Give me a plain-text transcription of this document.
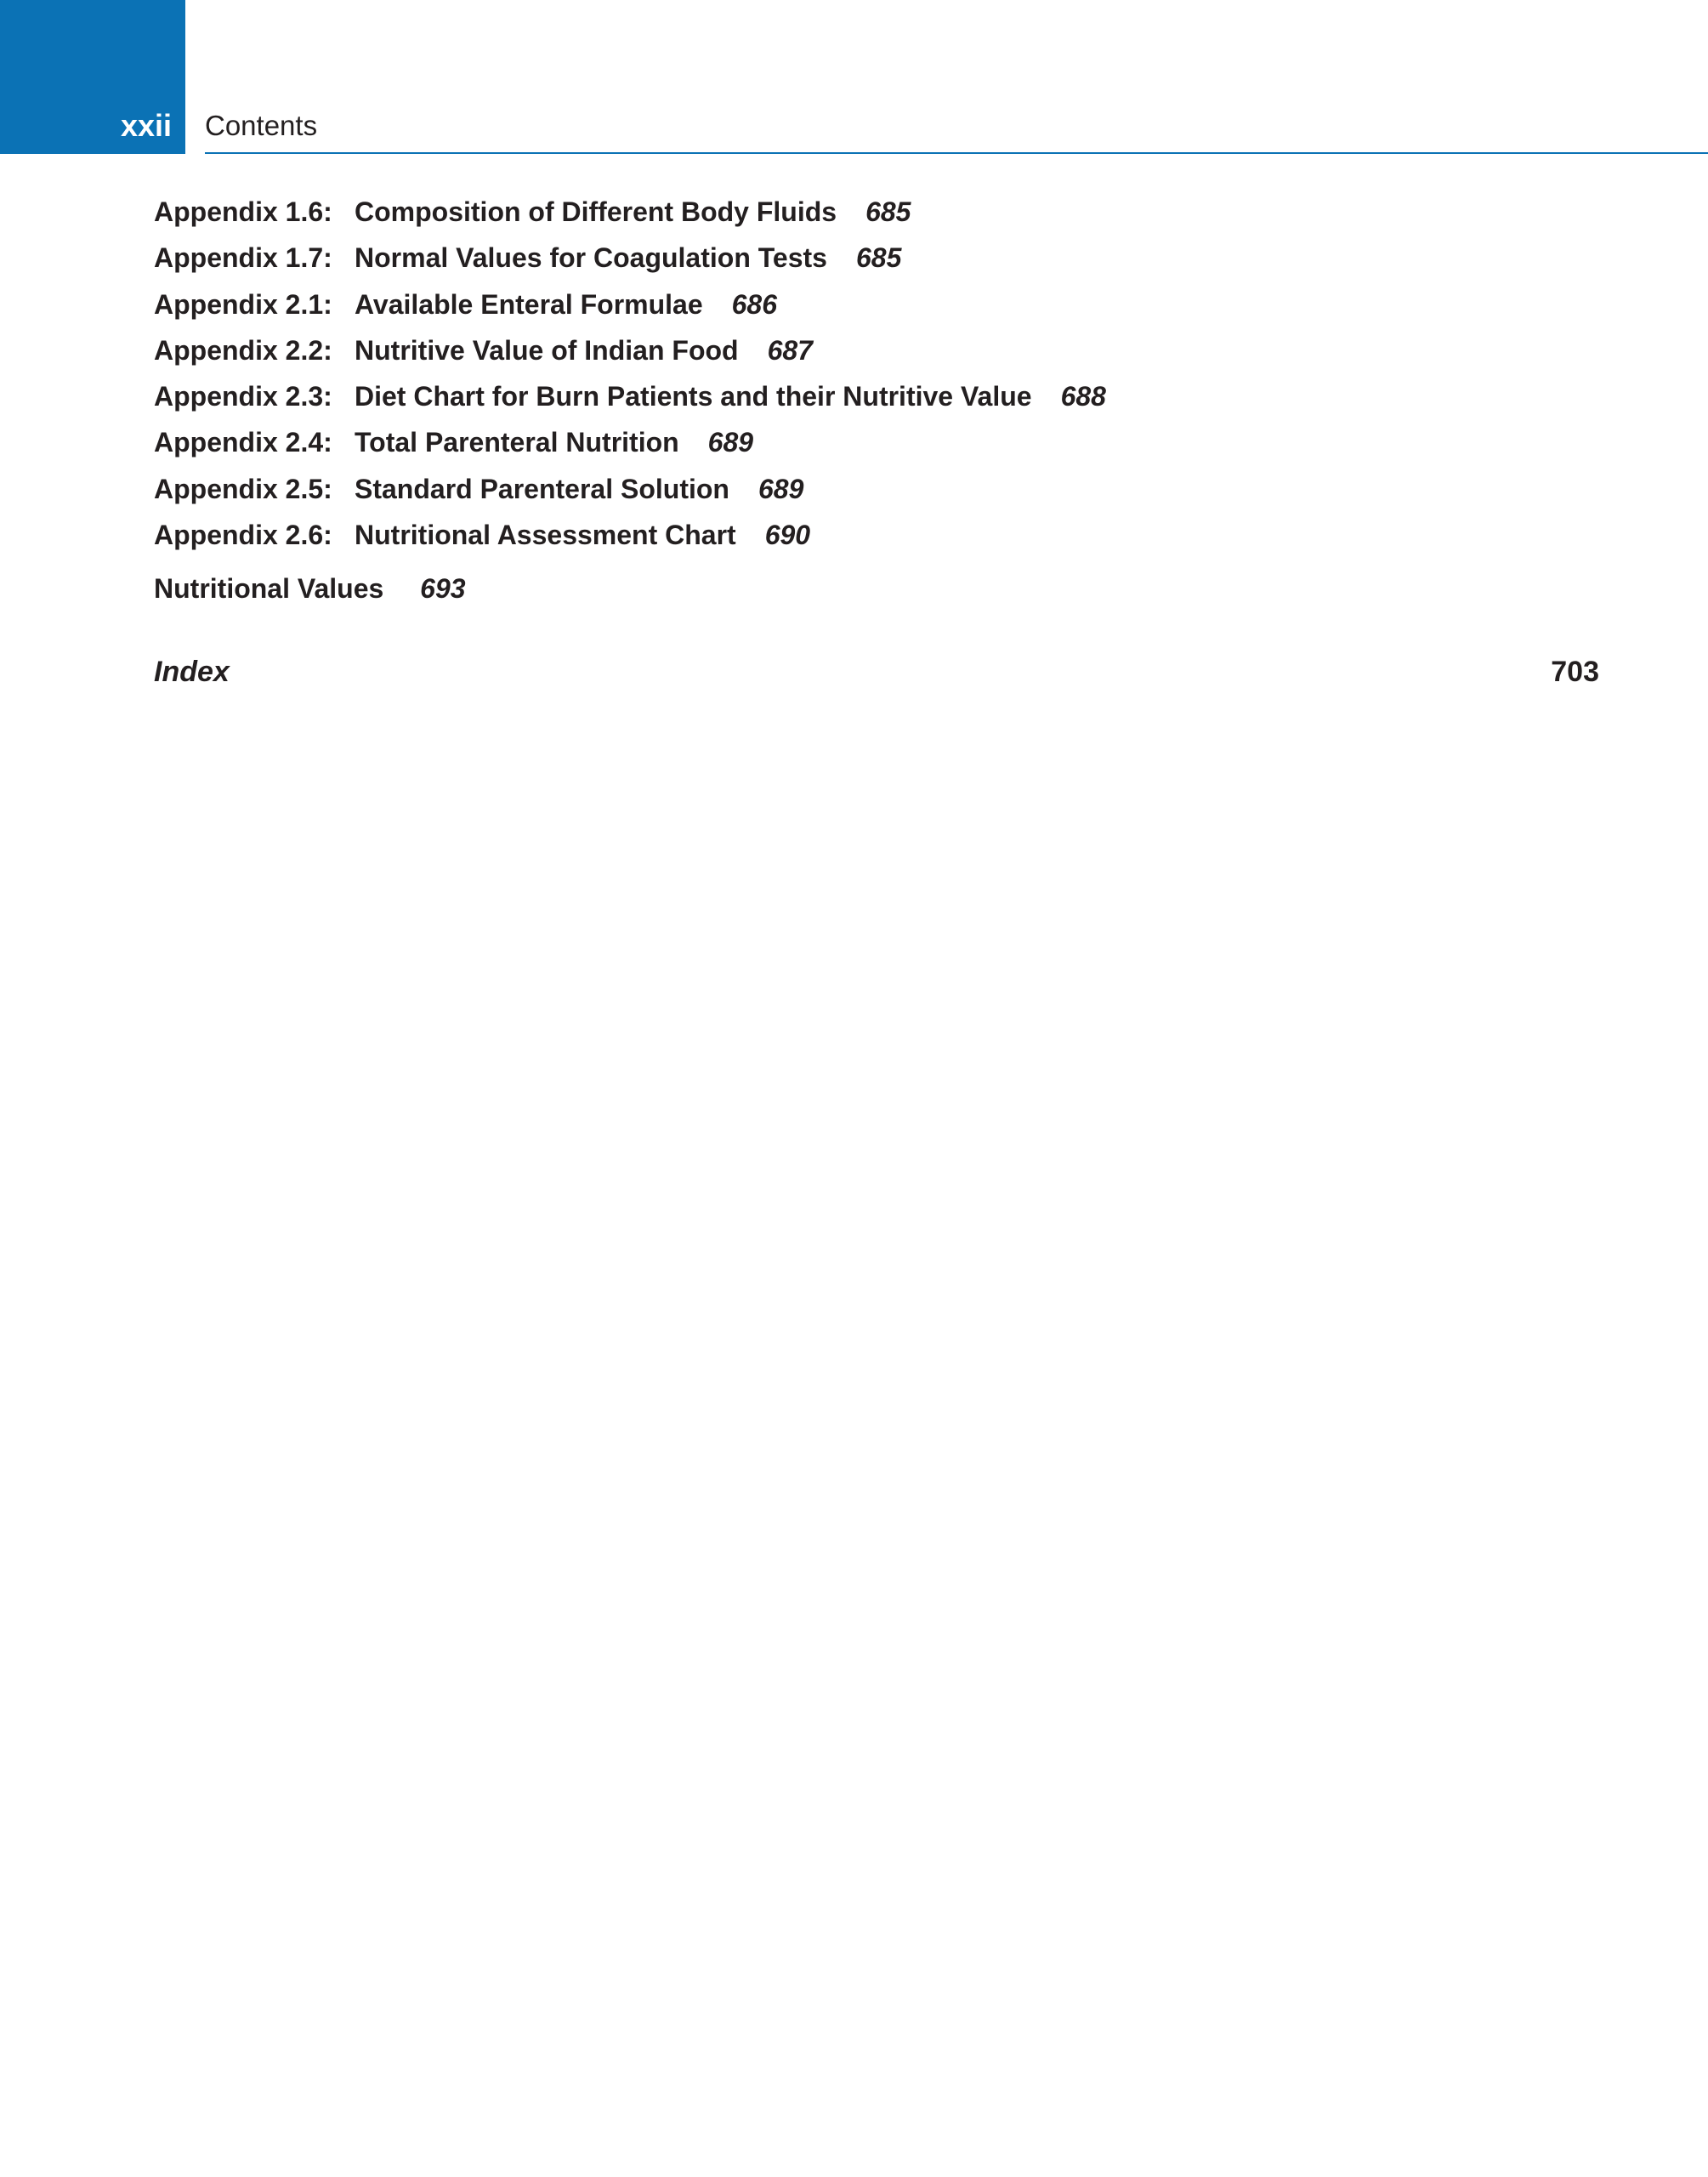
xxii Contents
Appendix 1.6: Composition of Different Body Fluids 685
Appendix 1.7: Normal Values for Coagulation Tests 685
Appendix 2.1: Available Enteral Formulae 686
Appendix 2.2: Nutritive Value of Indian Food 687
Appendix 2.3: Diet Chart for Burn Patients and their Nutritive Value 688
Appendix 2.4: Total Parenteral Nutrition 689
Appendix 2.5: Standard Parenteral Solution 689
Appendix 2.6: Nutritional Assessment Chart 690
Nutritional Values 693
Index	703
